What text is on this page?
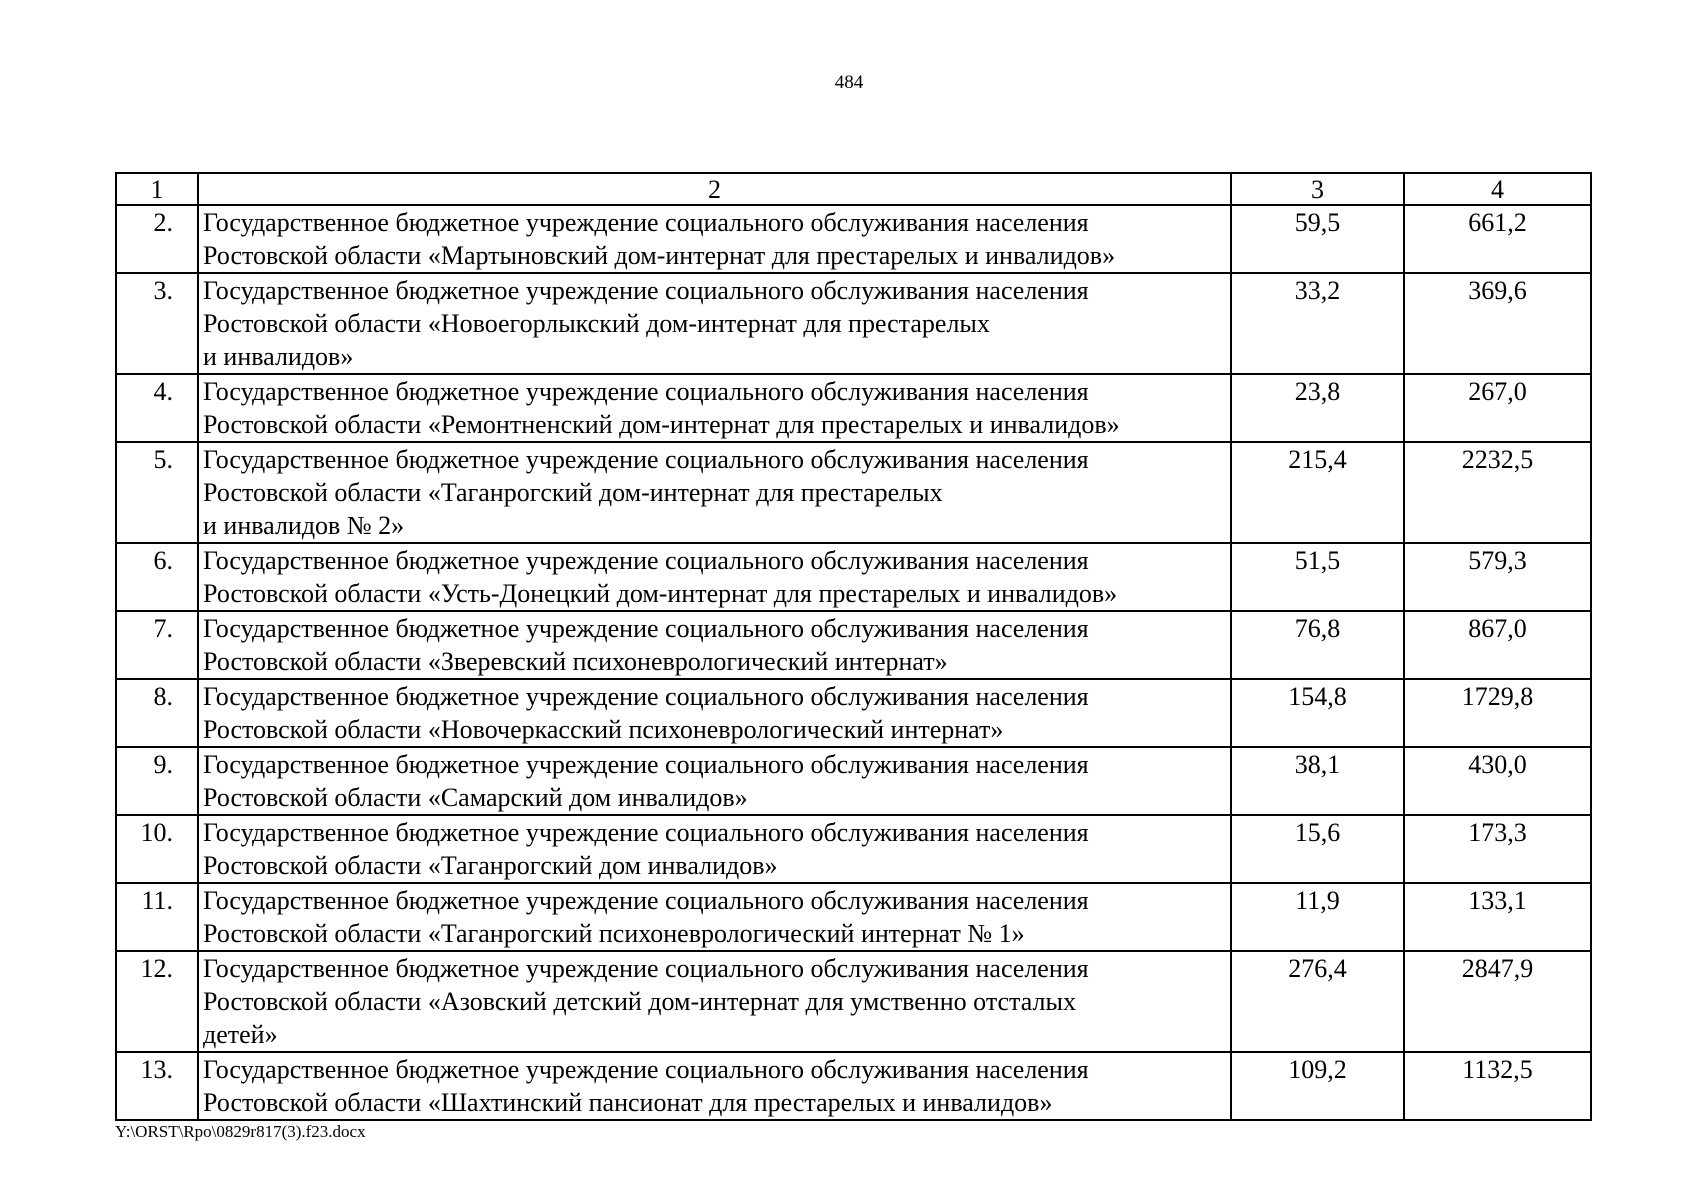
484
1	2	3	4
2.	Государственное бюджетное учреждение социального обслуживания населения
Ростовской области «Мартыновский дом-интернат для престарелых и инвалидов»	59,5	661,2
3.	Государственное бюджетное учреждение социального обслуживания населения
Ростовской области «Новоегорлыкский дом-интернат для престарелых
и инвалидов»	33,2	369,6
4.	Государственное бюджетное учреждение социального обслуживания населения
Ростовской области «Ремонтненский дом-интернат для престарелых и инвалидов»	23,8	267,0
5.	Государственное бюджетное учреждение социального обслуживания населения
Ростовской области «Таганрогский дом-интернат для престарелых
и инвалидов № 2»	215,4	2232,5
6.	Государственное бюджетное учреждение социального обслуживания населения
Ростовской области «Усть-Донецкий дом-интернат для престарелых и инвалидов»	51,5	579,3
7.	Государственное бюджетное учреждение социального обслуживания населения
Ростовской области «Зверевский психоневрологический интернат»	76,8	867,0
8.	Государственное бюджетное учреждение социального обслуживания населения
Ростовской области «Новочеркасский психоневрологический интернат»	154,8	1729,8
9.	Государственное бюджетное учреждение социального обслуживания населения
Ростовской области «Самарский дом инвалидов»	38,1	430,0
10.	Государственное бюджетное учреждение социального обслуживания населения
Ростовской области «Таганрогский дом инвалидов»	15,6	173,3
11.	Государственное бюджетное учреждение социального обслуживания населения
Ростовской области «Таганрогский психоневрологический интернат № 1»	11,9	133,1
12.	Государственное бюджетное учреждение социального обслуживания населения
Ростовской области «Азовский детский дом-интернат для умственно отсталых
детей»	276,4	2847,9
13.	Государственное бюджетное учреждение социального обслуживания населения
Ростовской области «Шахтинский пансионат для престарелых и инвалидов»	109,2	1132,5
Y:\ORST\Rpo\0829r817(3).f23.docx
